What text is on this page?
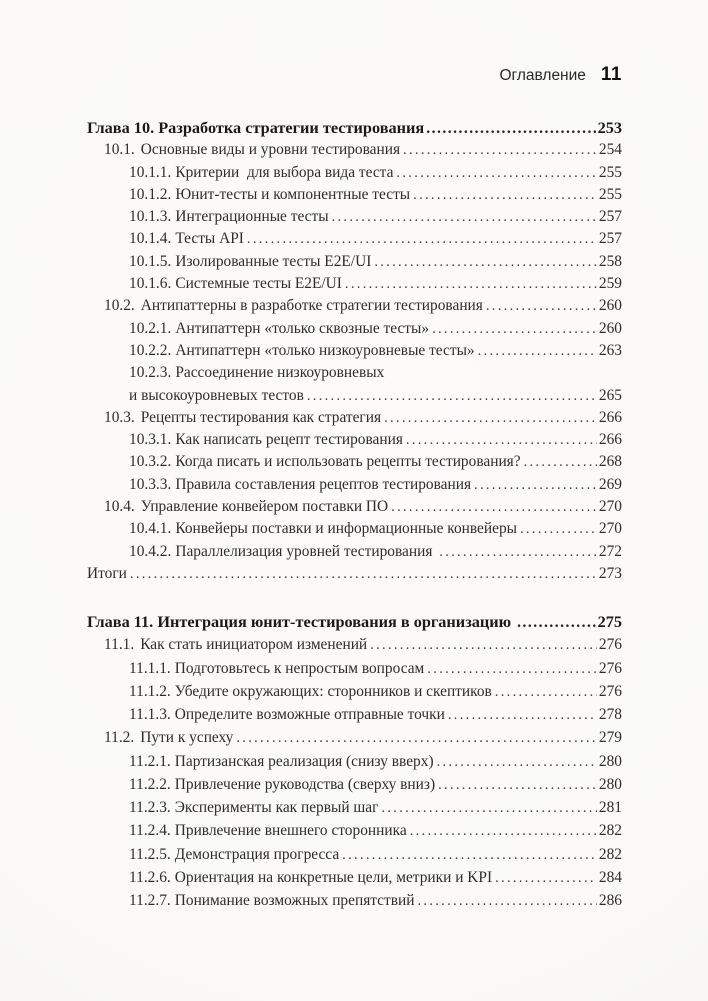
Оглавление 11
Глава 10. Разработка стратегии тестирования .....	253
10.1. Основные виды и уровни тестирования .....	254
10.1.1. Критерии  для выбора вида теста .....	255
10.1.2. Юнит-тесты и компонентные тесты .....	255
10.1.3. Интеграционные тесты .....	257
10.1.4. Тесты API .....	257
10.1.5. Изолированные тесты E2E/UI .....	258
10.1.6. Системные тесты E2E/UI .....	259
10.2. Антипаттерны в разработке стратегии тестирования .....	260
10.2.1. Антипаттерн «только сквозные тесты» .....	260
10.2.2. Антипаттерн «только низкоуровневые тесты» .....	263
10.2.3. Рассоединение низкоуровневых
и высокоуровневых тестов .....	265
10.3. Рецепты тестирования как стратегия .....	266
10.3.1. Как написать рецепт тестирования .....	266
10.3.2. Когда писать и использовать рецепты тестирования? .....	268
10.3.3. Правила составления рецептов тестирования .....	269
10.4. Управление конвейером поставки ПО .....	270
10.4.1. Конвейеры поставки и информационные конвейеры .....	270
10.4.2. Параллелизация уровней тестирования .....	272
Итоги .....	273
Глава 11. Интеграция юнит-тестирования в организацию .....	275
11.1. Как стать инициатором изменений .....	276
11.1.1. Подготовьтесь к непростым вопросам .....	276
11.1.2. Убедите окружающих: сторонников и скептиков .....	276
11.1.3. Определите возможные отправные точки .....	278
11.2. Пути к успеху .....	279
11.2.1. Партизанская реализация (снизу вверх) .....	280
11.2.2. Привлечение руководства (сверху вниз) .....	280
11.2.3. Эксперименты как первый шаг .....	281
11.2.4. Привлечение внешнего сторонника .....	282
11.2.5. Демонстрация прогресса .....	282
11.2.6. Ориентация на конкретные цели, метрики и KPI .....	284
11.2.7. Понимание возможных препятствий .....	286
